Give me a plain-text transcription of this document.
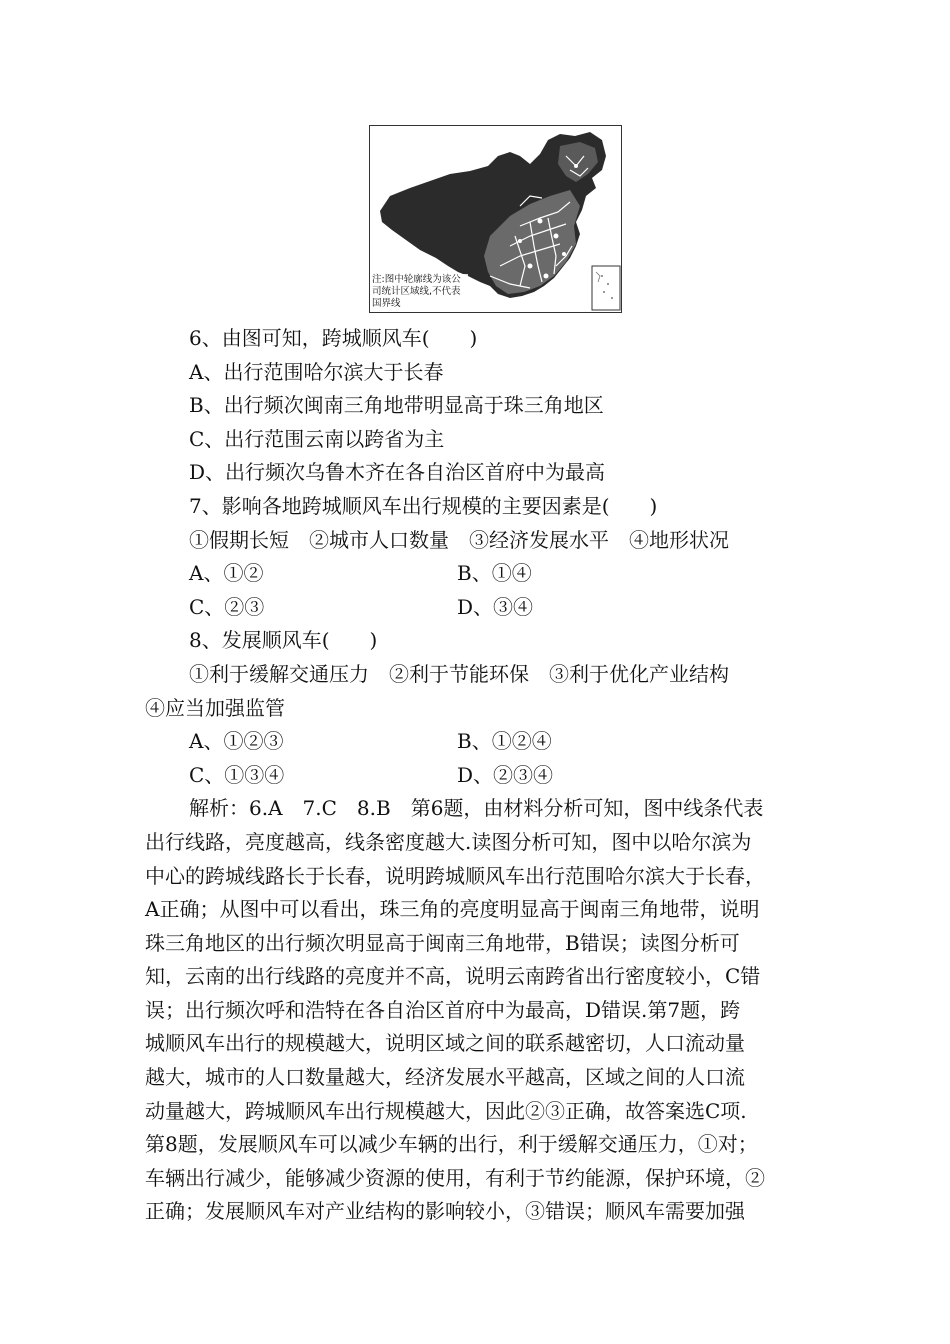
注:图中轮廓线为该公司统计区域线,不代表国界线
6、由图可知，跨城顺风车(　　)
A、出行范围哈尔滨大于长春
B、出行频次闽南三角地带明显高于珠三角地区
C、出行范围云南以跨省为主
D、出行频次乌鲁木齐在各自治区首府中为最高
7、影响各地跨城顺风车出行规模的主要因素是(　　)
①假期长短　②城市人口数量　③经济发展水平　④地形状况
A、①②	B、①④
C、②③	D、③④
8、发展顺风车(　　)
①利于缓解交通压力　②利于节能环保　③利于优化产业结构
④应当加强监管
A、①②③	B、①②④
C、①③④	D、②③④
解析：6.A　7.C　8.B　第6题，由材料分析可知，图中线条代表
出行线路，亮度越高，线条密度越大.读图分析可知，图中以哈尔滨为
中心的跨城线路长于长春，说明跨城顺风车出行范围哈尔滨大于长春，
A正确；从图中可以看出，珠三角的亮度明显高于闽南三角地带，说明
珠三角地区的出行频次明显高于闽南三角地带，B错误；读图分析可
知，云南的出行线路的亮度并不高，说明云南跨省出行密度较小，C错
误；出行频次呼和浩特在各自治区首府中为最高，D错误.第7题，跨
城顺风车出行的规模越大，说明区域之间的联系越密切，人口流动量
越大，城市的人口数量越大，经济发展水平越高，区域之间的人口流
动量越大，跨城顺风车出行规模越大，因此②③正确，故答案选C项.
第8题，发展顺风车可以减少车辆的出行，利于缓解交通压力，①对；
车辆出行减少，能够减少资源的使用，有利于节约能源，保护环境，②
正确；发展顺风车对产业结构的影响较小，③错误；顺风车需要加强
